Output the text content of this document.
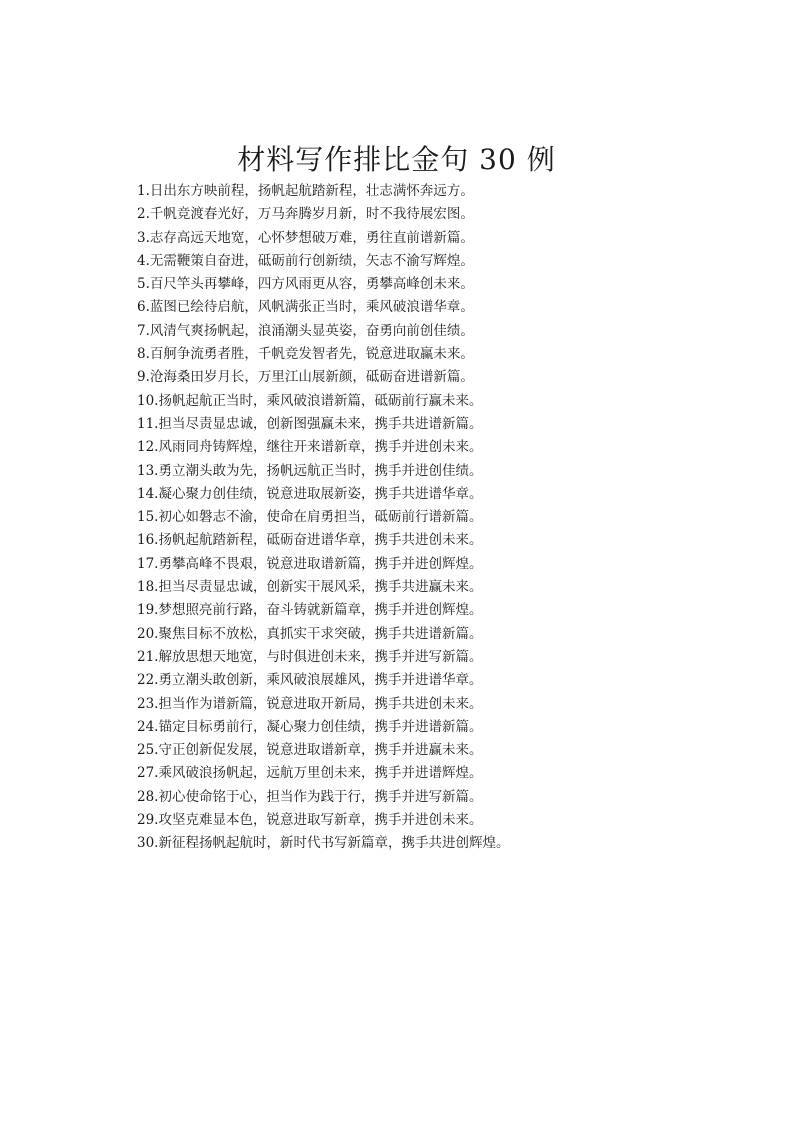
材料写作排比金句 30 例
1.日出东方映前程，扬帆起航踏新程，壮志满怀奔远方。
2.千帆竞渡春光好，万马奔腾岁月新，时不我待展宏图。
3.志存高远天地宽，心怀梦想破万难，勇往直前谱新篇。
4.无需鞭策自奋进，砥砺前行创新绩，矢志不渝写辉煌。
5.百尺竿头再攀峰，四方风雨更从容，勇攀高峰创未来。
6.蓝图已绘待启航，风帆满张正当时，乘风破浪谱华章。
7.风清气爽扬帆起，浪涌潮头显英姿，奋勇向前创佳绩。
8.百舸争流勇者胜，千帆竞发智者先，锐意进取赢未来。
9.沧海桑田岁月长，万里江山展新颜，砥砺奋进谱新篇。
10.扬帆起航正当时，乘风破浪谱新篇，砥砺前行赢未来。
11.担当尽责显忠诚，创新图强赢未来，携手共进谱新篇。
12.风雨同舟铸辉煌，继往开来谱新章，携手并进创未来。
13.勇立潮头敢为先，扬帆远航正当时，携手并进创佳绩。
14.凝心聚力创佳绩，锐意进取展新姿，携手共进谱华章。
15.初心如磐志不渝，使命在肩勇担当，砥砺前行谱新篇。
16.扬帆起航踏新程，砥砺奋进谱华章，携手共进创未来。
17.勇攀高峰不畏艰，锐意进取谱新篇，携手并进创辉煌。
18.担当尽责显忠诚，创新实干展风采，携手共进赢未来。
19.梦想照亮前行路，奋斗铸就新篇章，携手并进创辉煌。
20.聚焦目标不放松，真抓实干求突破，携手共进谱新篇。
21.解放思想天地宽，与时俱进创未来，携手并进写新篇。
22.勇立潮头敢创新，乘风破浪展雄风，携手并进谱华章。
23.担当作为谱新篇，锐意进取开新局，携手共进创未来。
24.锚定目标勇前行，凝心聚力创佳绩，携手并进谱新篇。
25.守正创新促发展，锐意进取谱新章，携手并进赢未来。
27.乘风破浪扬帆起，远航万里创未来，携手并进谱辉煌。
28.初心使命铭于心，担当作为践于行，携手并进写新篇。
29.攻坚克难显本色，锐意进取写新章，携手并进创未来。
30.新征程扬帆起航时，新时代书写新篇章，携手共进创辉煌。
